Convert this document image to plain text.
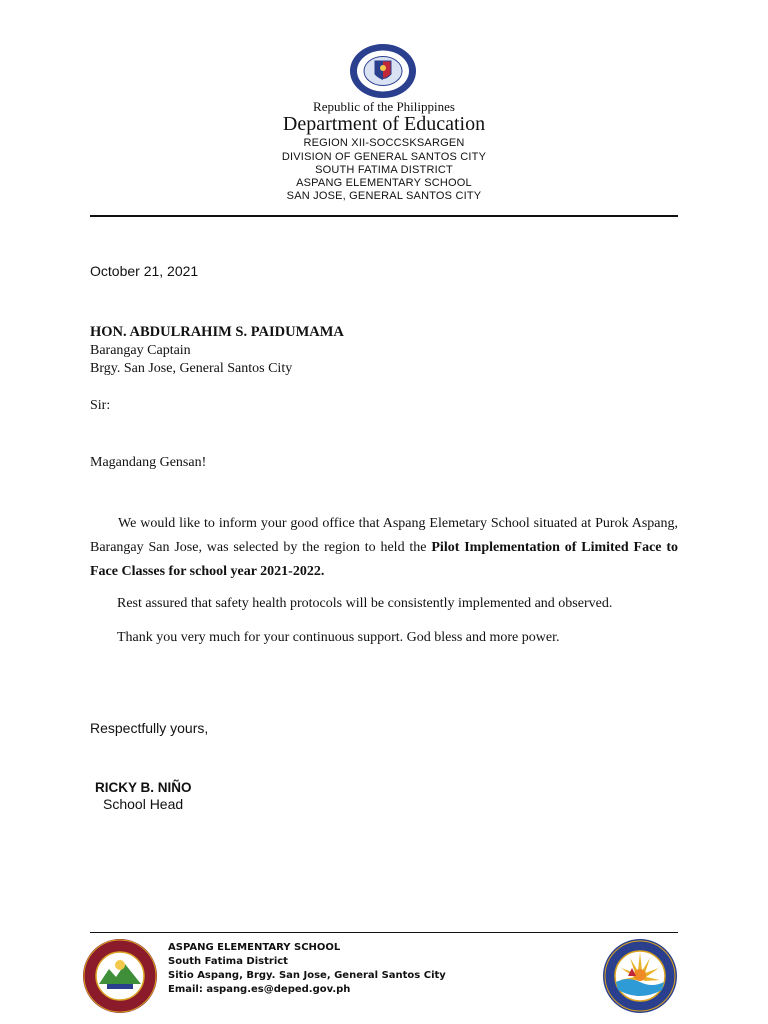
Republic of the Philippines
Department of Education
REGION XII-SOCCSKSARGEN
DIVISION OF GENERAL SANTOS CITY
SOUTH FATIMA DISTRICT
ASPANG ELEMENTARY SCHOOL
SAN JOSE, GENERAL SANTOS CITY
October 21, 2021
HON. ABDULRAHIM S. PAIDUMAMA
Barangay Captain
Brgy. San Jose, General Santos City
Sir:
Magandang Gensan!
We would like to inform your good office that Aspang Elemetary School situated at Purok Aspang, Barangay San Jose, was selected by the region to held the Pilot Implementation of Limited Face to Face Classes for school year 2021-2022.
Rest assured that safety health protocols will be consistently implemented and observed.
Thank you very much for your continuous support. God bless and more power.
Respectfully yours,
RICKY B. NIÑO
School Head
ASPANG ELEMENTARY SCHOOL
South Fatima District
Sitio Aspang, Brgy. San Jose, General Santos City
Email: aspang.es@deped.gov.ph
